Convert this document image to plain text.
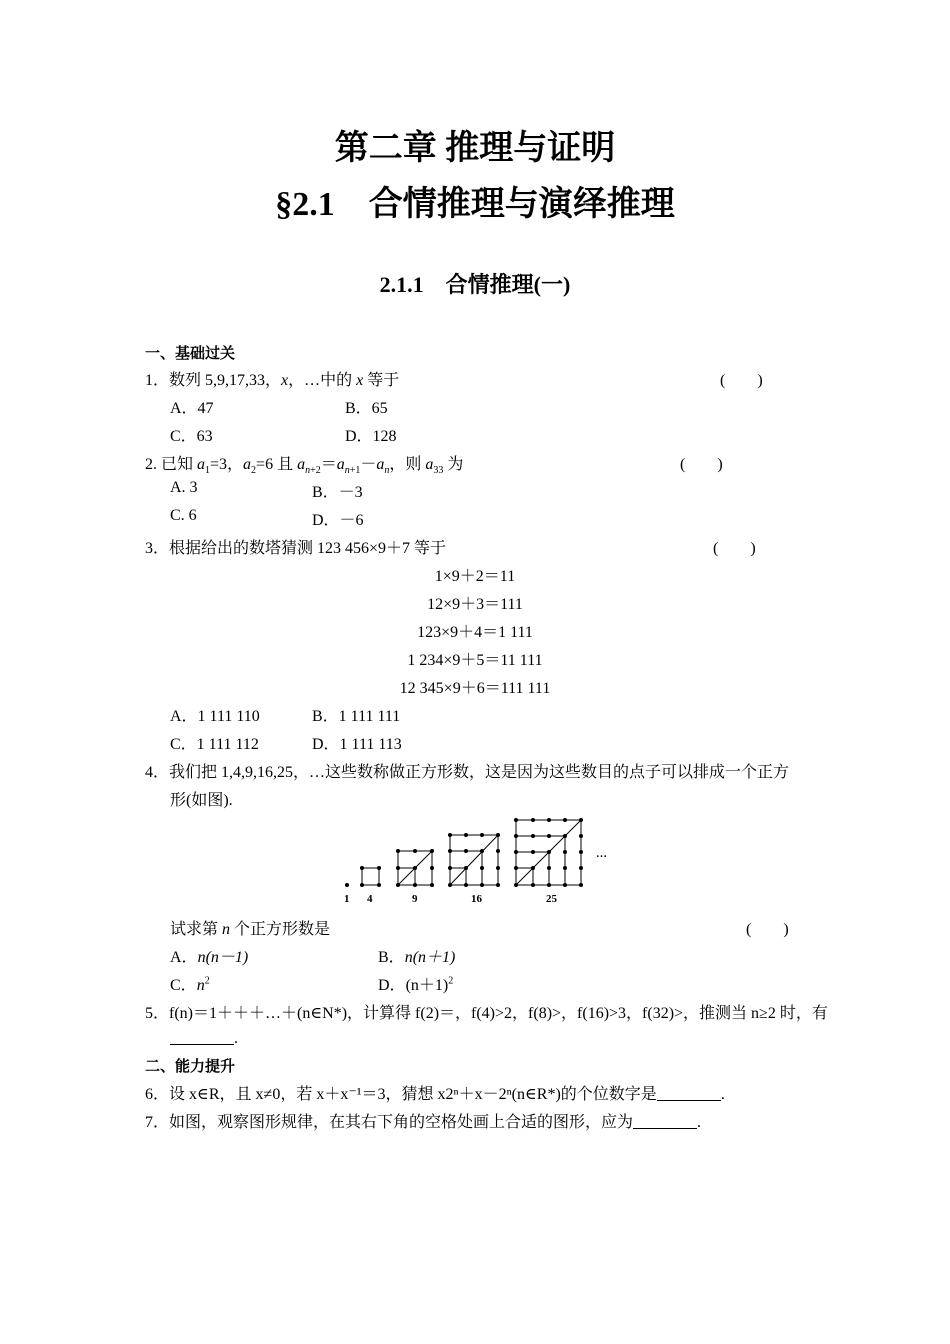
第二章 推理与证明
§2.1　合情推理与演绎推理
2.1.1　合情推理(一)
一、基础过关
1．数列 5,9,17,33，x，…中的 x 等于	(　　)
A．47	B．65
C．63	D．128
2. 已知 $a_1=3$，$a_2=6$ 且 $a_{n+2}=a_{n+1}-a_n$，则 $a_{33}$ 为	(　　)
A. 3	B．－3
C. 6	D．－6
3．根据给出的数塔猜测 123 456×9＋7 等于	(　　)
1×9＋2＝11
12×9＋3＝111
123×9＋4＝1 111
1 234×9＋5＝11 111
12 345×9＋6＝111 111
A．1 111 110	B．1 111 111
C．1 111 112	D．1 111 113
4．我们把 1,4,9,16,25，…这些数称做正方形数，这是因为这些数目的点子可以排成一个正方
形(如图).
1 4	9	16	25
…
试求第 n 个正方形数是	(　　)
A．n(n－1)	B．n(n＋1)
C．$n^2$	D．$(n+1)^2$
5．f(n)＝1＋＋＋…＋(n∈N*)，计算得 f(2)＝，f(4)>2，f(8)>，f(16)>3，f(32)>，推测当 n≥2 时，有
.
二、能力提升
6．设 x∈R，且 x≠0，若 x＋x⁻¹＝3，猜想 x2ⁿ＋x－2ⁿ(n∈R*)的个位数字是	.
7．如图，观察图形规律，在其右下角的空格处画上合适的图形，应为	.
